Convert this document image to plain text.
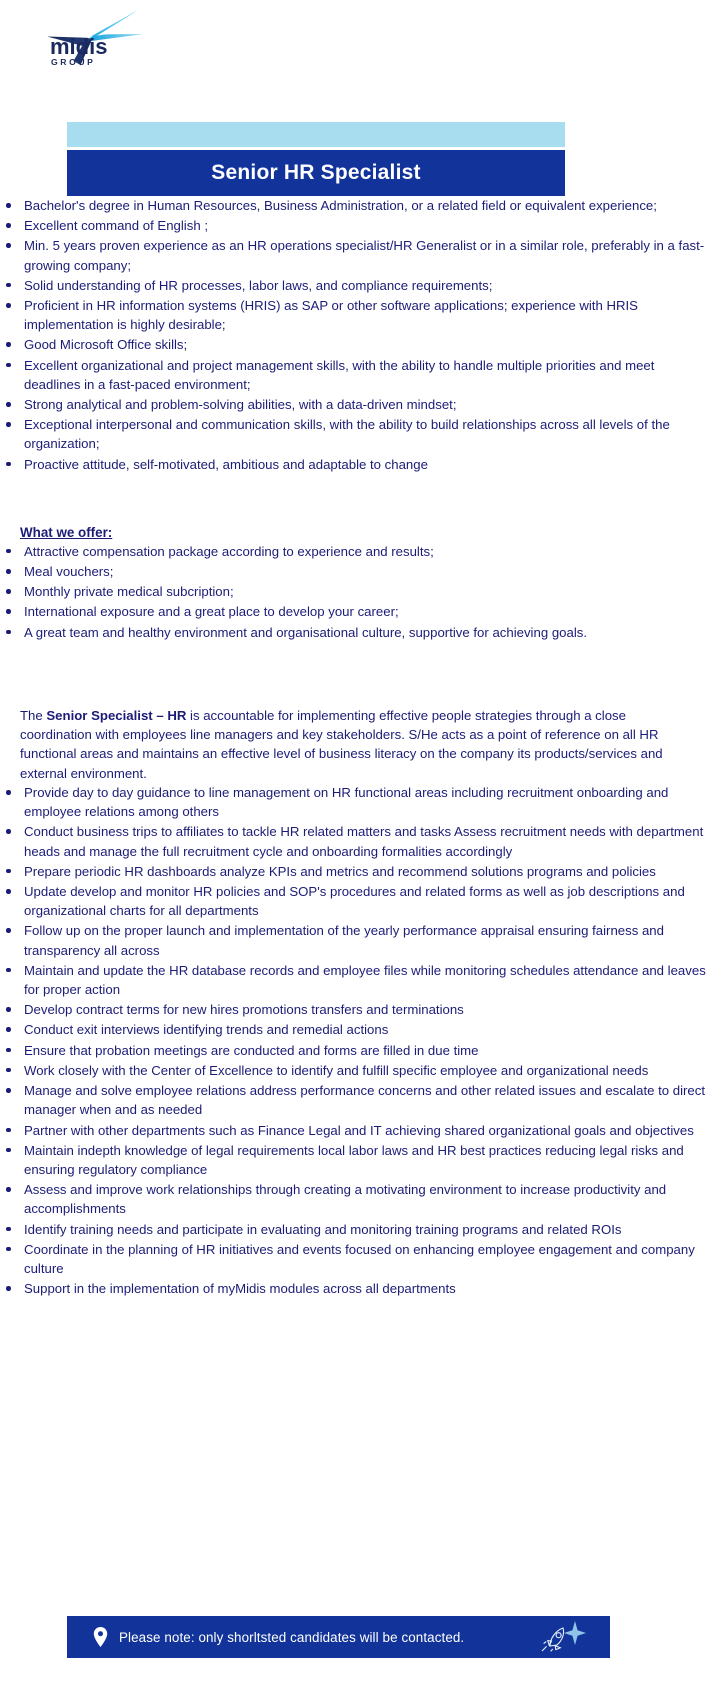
midis
GROUP
Senior HR Specialist
Bachelor's degree in Human Resources, Business Administration, or a related field or equivalent experience;
Excellent command of English ;
Min. 5 years proven experience as an HR operations specialist/HR Generalist or in a similar role, preferably in a fast-growing company;
Solid understanding of HR processes, labor laws, and compliance requirements;
Proficient in HR information systems (HRIS) as SAP or other software applications; experience with HRIS implementation is highly desirable;
Good Microsoft Office skills;
Excellent organizational and project management skills, with the ability to handle multiple priorities and meet deadlines in a fast-paced environment;
Strong analytical and problem-solving abilities, with a data-driven mindset;
Exceptional interpersonal and communication skills, with the ability to build relationships across all levels of the organization;
Proactive attitude, self-motivated, ambitious and adaptable to change
What we offer:
Attractive compensation package according to experience and results;
Meal vouchers;
Monthly private medical subcription;
International exposure and a great place to develop your career;
A great team and healthy environment and organisational culture, supportive for achieving goals.

The Senior Specialist – HR is accountable for implementing effective people strategies through a close coordination with employees line managers and key stakeholders. S/He acts as a point of reference on all HR functional areas and maintains an effective level of business literacy on the company its products/services and external environment.

Provide day to day guidance to line management on HR functional areas including recruitment onboarding and employee relations among others
Conduct business trips to affiliates to tackle HR related matters and tasks Assess recruitment needs with department heads and manage the full recruitment cycle and onboarding formalities accordingly
Prepare periodic HR dashboards analyze KPIs and metrics and recommend solutions programs and policies
Update develop and monitor HR policies and SOP's procedures and related forms as well as job descriptions and organizational charts for all departments
Follow up on the proper launch and implementation of the yearly performance appraisal ensuring fairness and transparency all across
Maintain and update the HR database records and employee files while monitoring schedules attendance and leaves for proper action
Develop contract terms for new hires promotions transfers and terminations
Conduct exit interviews identifying trends and remedial actions
Ensure that probation meetings are conducted and forms are filled in due time
Work closely with the Center of Excellence to identify and fulfill specific employee and organizational needs
Manage and solve employee relations address performance concerns and other related issues and escalate to direct manager when and as needed
Partner with other departments such as Finance Legal and IT achieving shared organizational goals and objectives
Maintain indepth knowledge of legal requirements local labor laws and HR best practices reducing legal risks and ensuring regulatory compliance
Assess and improve work relationships through creating a motivating environment to increase productivity and accomplishments
Identify training needs and participate in evaluating and monitoring training programs and related ROIs
Coordinate in the planning of HR initiatives and events focused on enhancing employee engagement and company culture
Support in the implementation of myMidis modules across all departments
Please note: only shorltsted candidates will be contacted.
